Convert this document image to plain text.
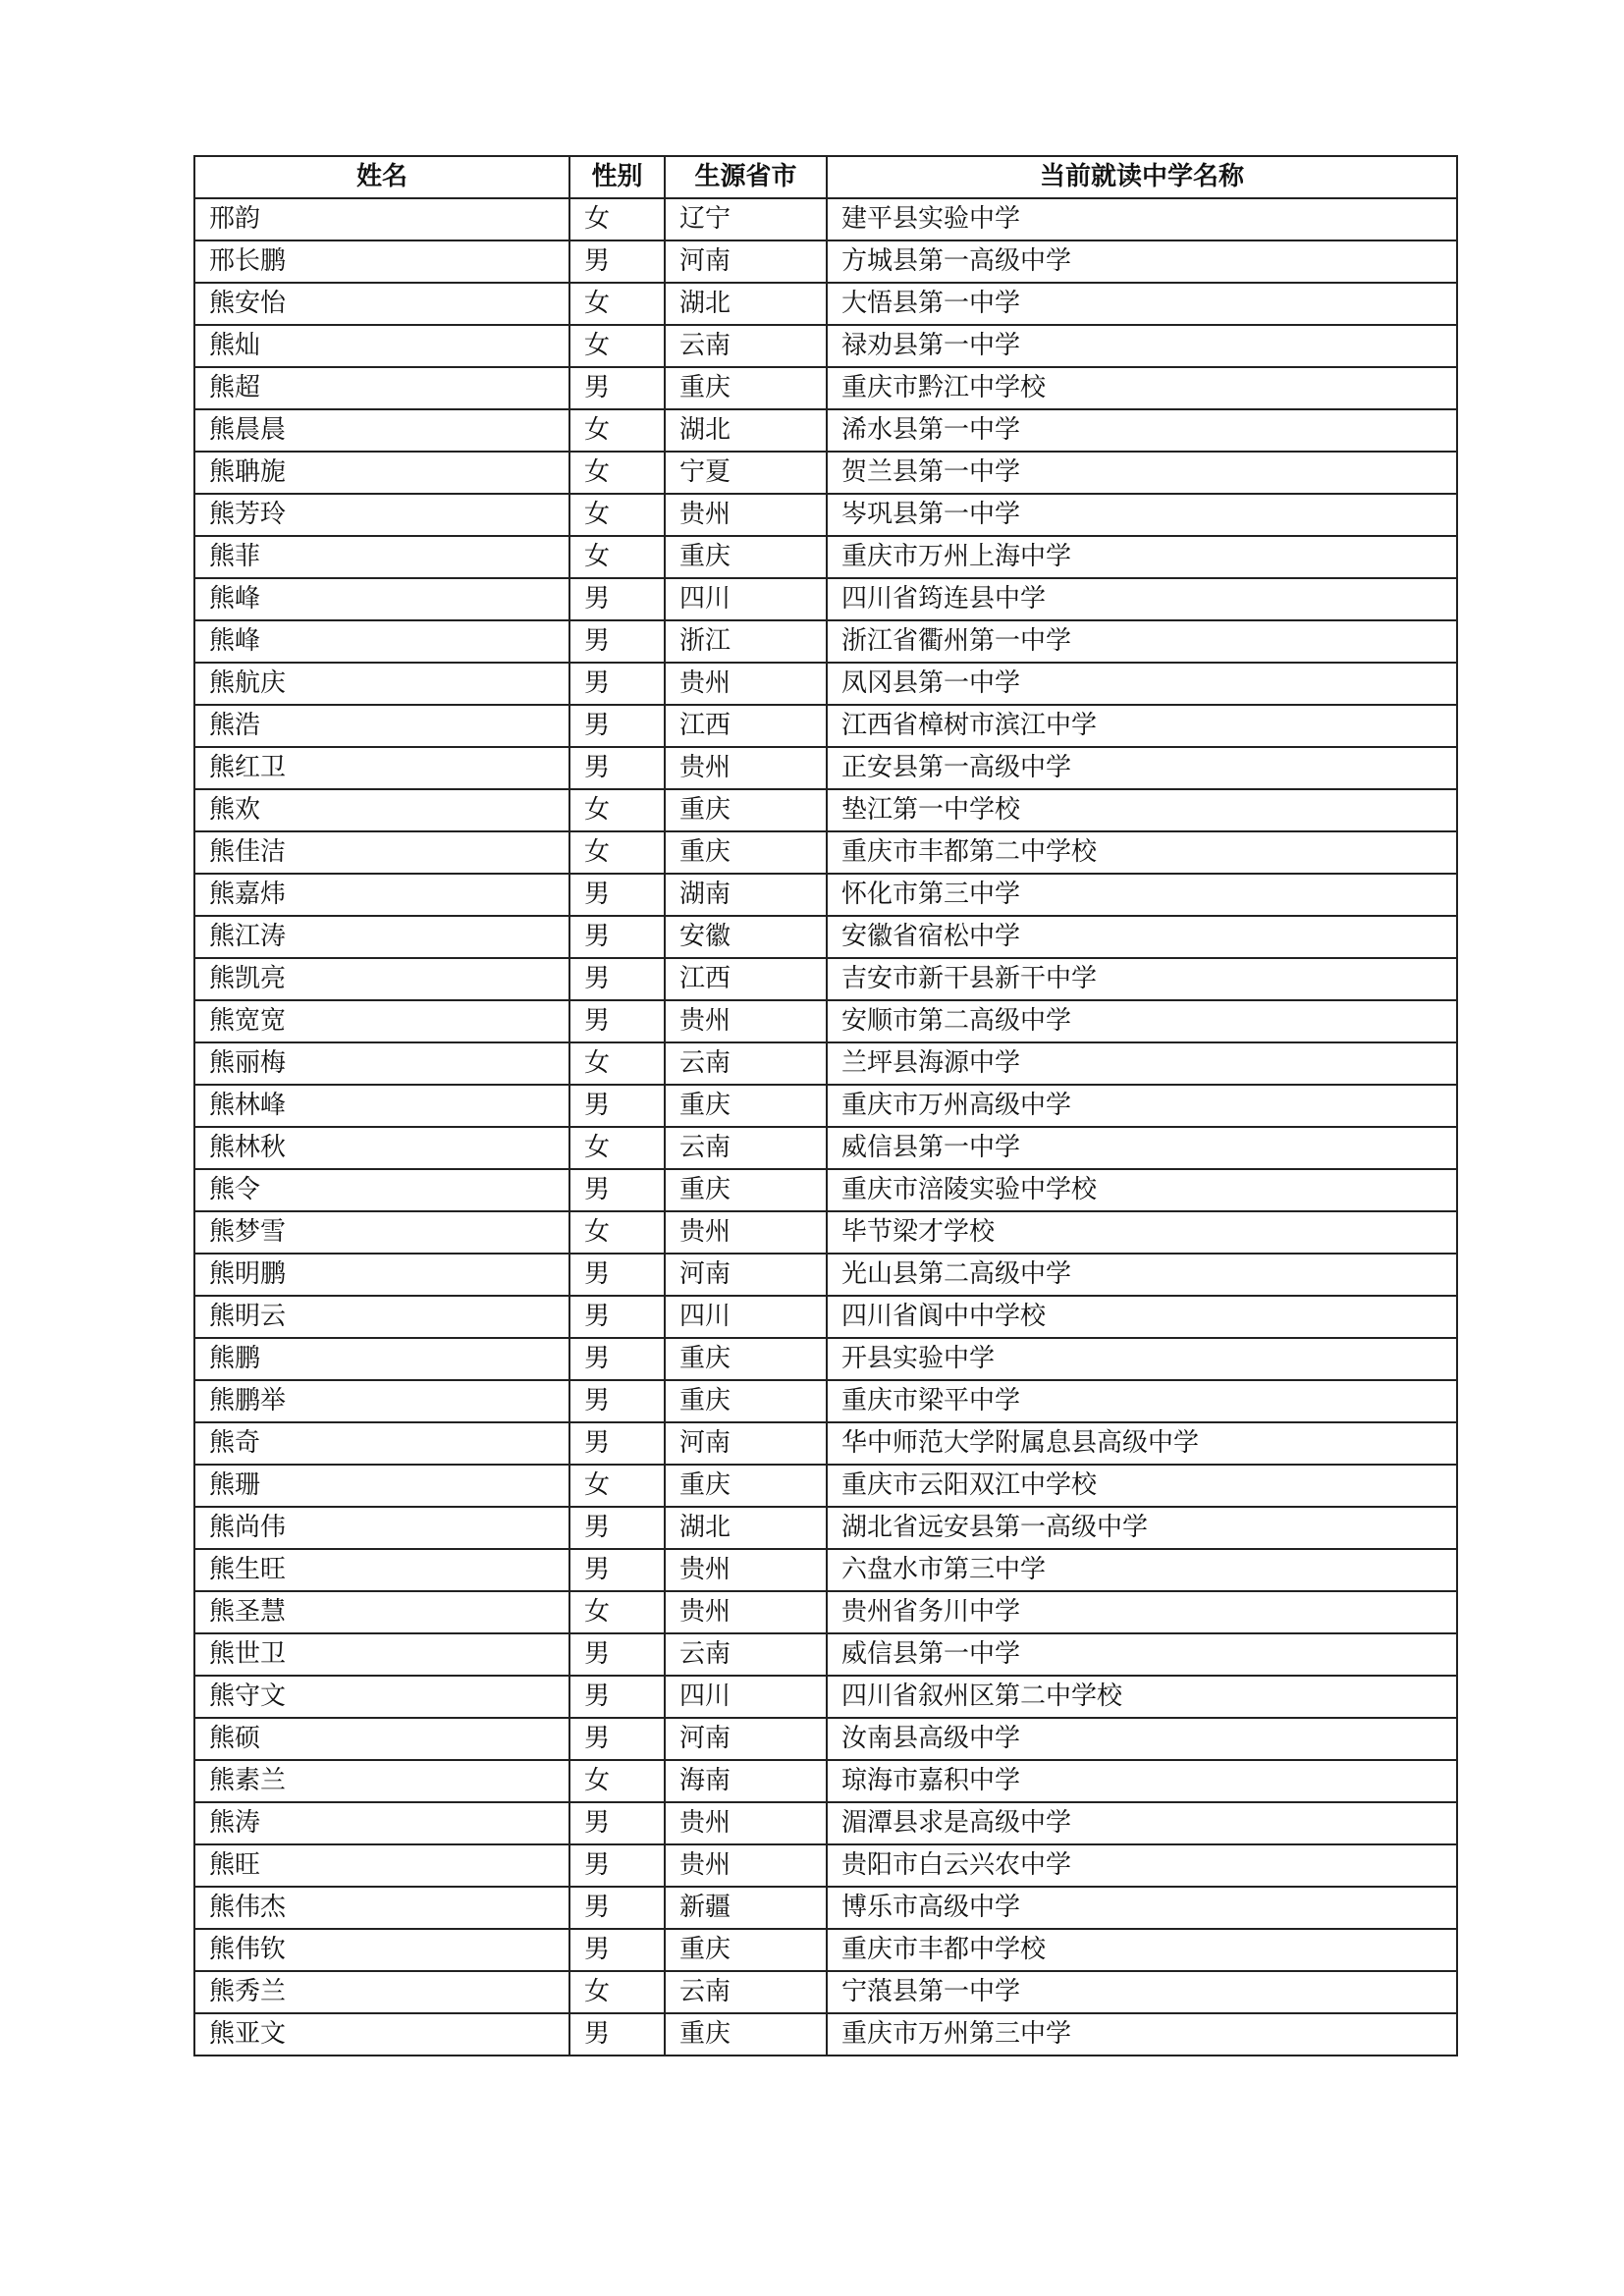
姓名	性别	生源省市	当前就读中学名称
邢韵	女	辽宁	建平县实验中学
邢长鹏	男	河南	方城县第一高级中学
熊安怡	女	湖北	大悟县第一中学
熊灿	女	云南	禄劝县第一中学
熊超	男	重庆	重庆市黔江中学校
熊晨晨	女	湖北	浠水县第一中学
熊聃旎	女	宁夏	贺兰县第一中学
熊芳玲	女	贵州	岑巩县第一中学
熊菲	女	重庆	重庆市万州上海中学
熊峰	男	四川	四川省筠连县中学
熊峰	男	浙江	浙江省衢州第一中学
熊航庆	男	贵州	凤冈县第一中学
熊浩	男	江西	江西省樟树市滨江中学
熊红卫	男	贵州	正安县第一高级中学
熊欢	女	重庆	垫江第一中学校
熊佳洁	女	重庆	重庆市丰都第二中学校
熊嘉炜	男	湖南	怀化市第三中学
熊江涛	男	安徽	安徽省宿松中学
熊凯亮	男	江西	吉安市新干县新干中学
熊宽宽	男	贵州	安顺市第二高级中学
熊丽梅	女	云南	兰坪县海源中学
熊林峰	男	重庆	重庆市万州高级中学
熊林秋	女	云南	威信县第一中学
熊令	男	重庆	重庆市涪陵实验中学校
熊梦雪	女	贵州	毕节梁才学校
熊明鹏	男	河南	光山县第二高级中学
熊明云	男	四川	四川省阆中中学校
熊鹏	男	重庆	开县实验中学
熊鹏举	男	重庆	重庆市梁平中学
熊奇	男	河南	华中师范大学附属息县高级中学
熊珊	女	重庆	重庆市云阳双江中学校
熊尚伟	男	湖北	湖北省远安县第一高级中学
熊生旺	男	贵州	六盘水市第三中学
熊圣慧	女	贵州	贵州省务川中学
熊世卫	男	云南	威信县第一中学
熊守文	男	四川	四川省叙州区第二中学校
熊硕	男	河南	汝南县高级中学
熊素兰	女	海南	琼海市嘉积中学
熊涛	男	贵州	湄潭县求是高级中学
熊旺	男	贵州	贵阳市白云兴农中学
熊伟杰	男	新疆	博乐市高级中学
熊伟钦	男	重庆	重庆市丰都中学校
熊秀兰	女	云南	宁蒗县第一中学
熊亚文	男	重庆	重庆市万州第三中学
